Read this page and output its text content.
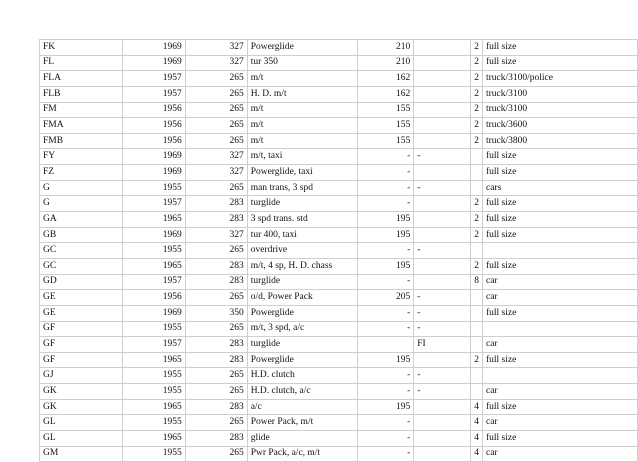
FK	1969	327	Powerglide	210		2	full size
FL	1969	327	tur 350	210		2	full size
FLA	1957	265	m/t	162		2	truck/3100/police
FLB	1957	265	H. D. m/t	162		2	truck/3100
FM	1956	265	m/t	155		2	truck/3100
FMA	1956	265	m/t	155		2	truck/3600
FMB	1956	265	m/t	155		2	truck/3800
FY	1969	327	m/t, taxi	-	-		full size
FZ	1969	327	Powerglide, taxi	-			full size
G	1955	265	man trans, 3 spd	-	-		cars
G	1957	283	turglide	-		2	full size
GA	1965	283	3 spd trans. std	195		2	full size
GB	1969	327	tur 400, taxi	195		2	full size
GC	1955	265	overdrive	-	-		
GC	1965	283	m/t, 4 sp, H. D. chass	195		2	full size
GD	1957	283	turglide	-		8	car
GE	1956	265	o/d, Power Pack	205	-		car
GE	1969	350	Powerglide	-	-		full size
GF	1955	265	m/t, 3 spd, a/c	-	-		
GF	1957	283	turglide		FI		car
GF	1965	283	Powerglide	195		2	full size
GJ	1955	265	H.D. clutch	-	-		
GK	1955	265	H.D. clutch, a/c	-	-		car
GK	1965	283	a/c	195		4	full size
GL	1955	265	Power Pack, m/t	-		4	car
GL	1965	283	glide	-		4	full size
GM	1955	265	Pwr Pack, a/c, m/t	-		4	car
